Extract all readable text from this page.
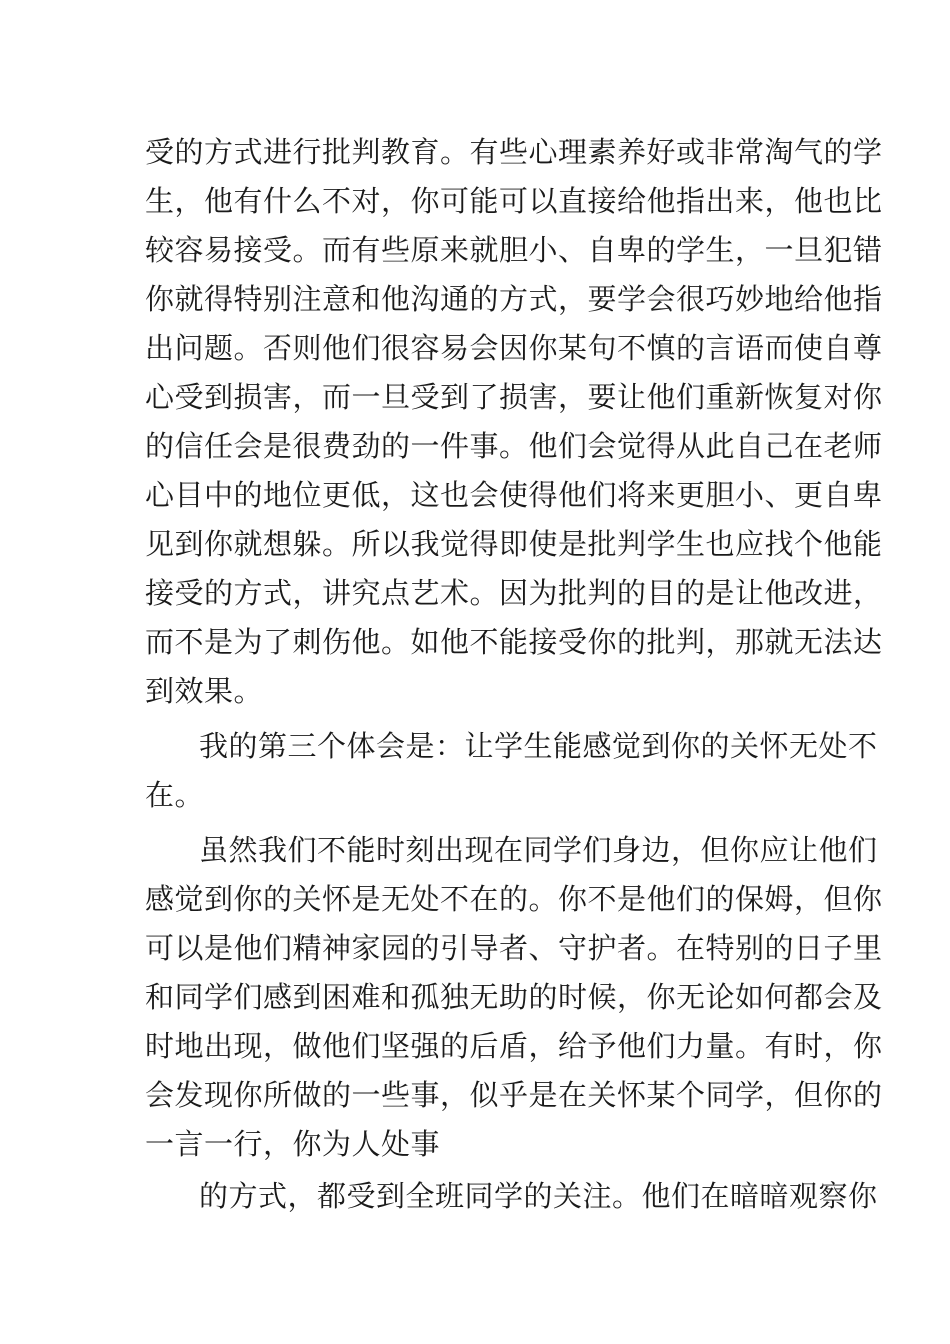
受的方式进行批判教育。有些心理素养好或非常淘气的学
生，他有什么不对，你可能可以直接给他指出来，他也比
较容易接受。而有些原来就胆小、自卑的学生，一旦犯错
你就得特别注意和他沟通的方式，要学会很巧妙地给他指
出问题。否则他们很容易会因你某句不慎的言语而使自尊
心受到损害，而一旦受到了损害，要让他们重新恢复对你
的信任会是很费劲的一件事。他们会觉得从此自己在老师
心目中的地位更低，这也会使得他们将来更胆小、更自卑
见到你就想躲。所以我觉得即使是批判学生也应找个他能
接受的方式，讲究点艺术。因为批判的目的是让他改进，
而不是为了刺伤他。如他不能接受你的批判，那就无法达
到效果。
我的第三个体会是：让学生能感觉到你的关怀无处不
在。
虽然我们不能时刻出现在同学们身边，但你应让他们
感觉到你的关怀是无处不在的。你不是他们的保姆，但你
可以是他们精神家园的引导者、守护者。在特别的日子里
和同学们感到困难和孤独无助的时候，你无论如何都会及
时地出现，做他们坚强的后盾，给予他们力量。有时，你
会发现你所做的一些事，似乎是在关怀某个同学，但你的
一言一行，你为人处事
的方式，都受到全班同学的关注。他们在暗暗观察你
